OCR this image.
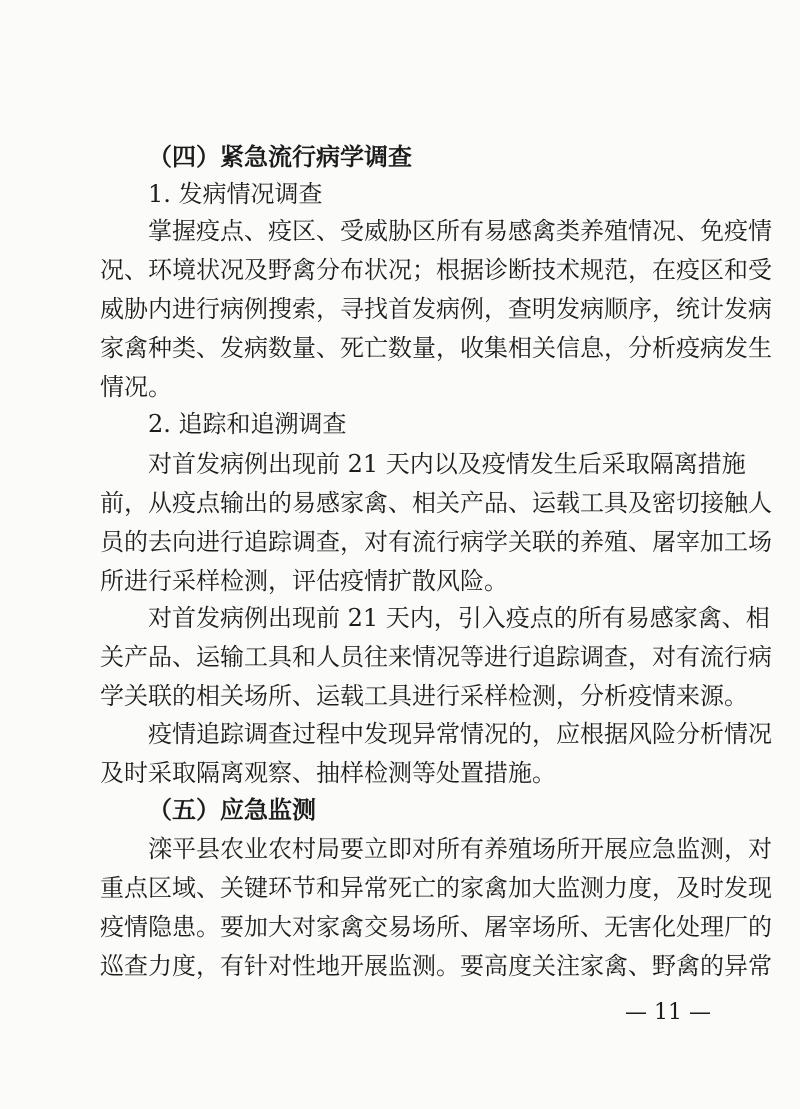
（四）紧急流行病学调查
1. 发病情况调查
掌握疫点、疫区、受威胁区所有易感禽类养殖情况、免疫情
况、环境状况及野禽分布状况；根据诊断技术规范，在疫区和受
威胁内进行病例搜索，寻找首发病例，查明发病顺序，统计发病
家禽种类、发病数量、死亡数量，收集相关信息，分析疫病发生
情况。
2. 追踪和追溯调查
对首发病例出现前 21 天内以及疫情发生后采取隔离措施
前，从疫点输出的易感家禽、相关产品、运载工具及密切接触人
员的去向进行追踪调查，对有流行病学关联的养殖、屠宰加工场
所进行采样检测，评估疫情扩散风险。
对首发病例出现前 21 天内，引入疫点的所有易感家禽、相
关产品、运输工具和人员往来情况等进行追踪调查，对有流行病
学关联的相关场所、运载工具进行采样检测，分析疫情来源。
疫情追踪调查过程中发现异常情况的，应根据风险分析情况
及时采取隔离观察、抽样检测等处置措施。
（五）应急监测
滦平县农业农村局要立即对所有养殖场所开展应急监测，对
重点区域、关键环节和异常死亡的家禽加大监测力度，及时发现
疫情隐患。要加大对家禽交易场所、屠宰场所、无害化处理厂的
巡查力度，有针对性地开展监测。要高度关注家禽、野禽的异常
— 11 —
